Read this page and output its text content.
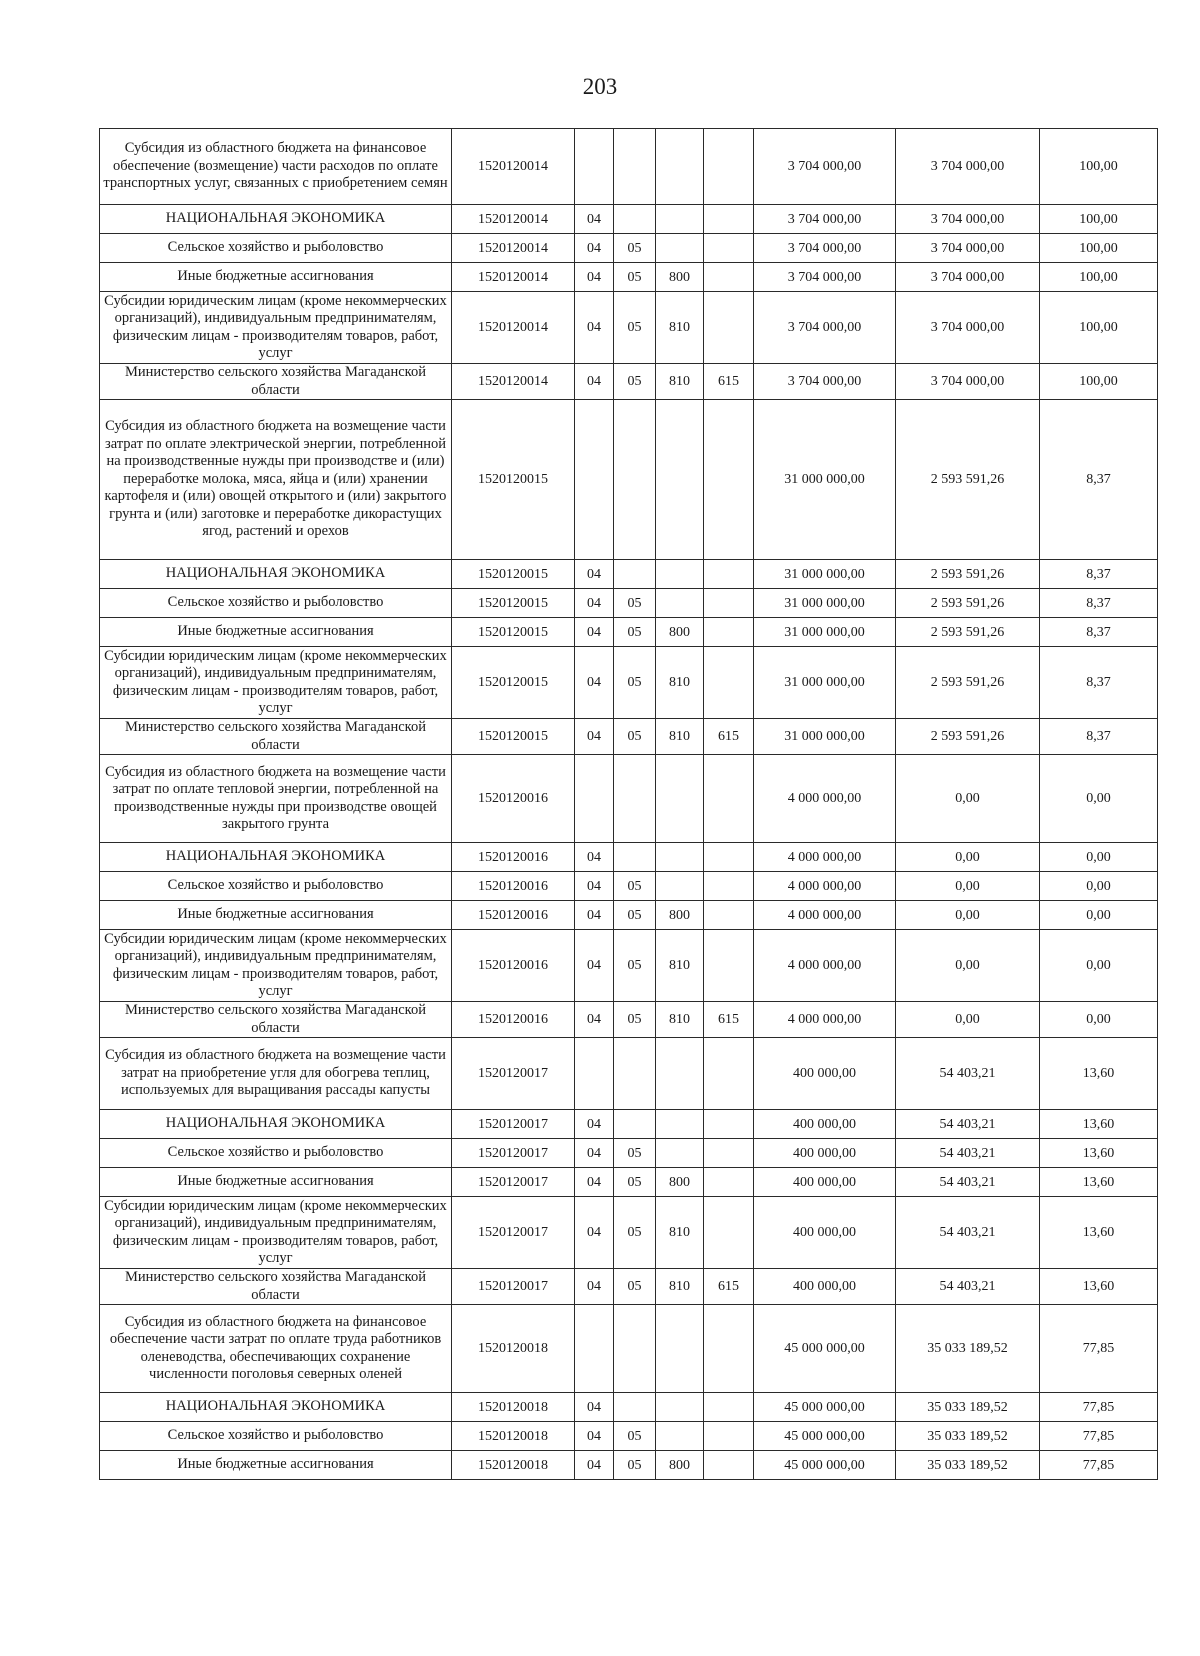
203
Субсидия из областного бюджета на финансовое обеспечение (возмещение) части расходов по оплате транспортных услуг, связанных с приобретением семян	1520120014					3 704 000,00	3 704 000,00	100,00
НАЦИОНАЛЬНАЯ ЭКОНОМИКА	1520120014	04				3 704 000,00	3 704 000,00	100,00
Сельское хозяйство и рыболовство	1520120014	04	05			3 704 000,00	3 704 000,00	100,00
Иные бюджетные ассигнования	1520120014	04	05	800		3 704 000,00	3 704 000,00	100,00
Субсидии юридическим лицам (кроме некоммерческих организаций), индивидуальным предпринимателям, физическим лицам - производителям товаров, работ, услуг	1520120014	04	05	810		3 704 000,00	3 704 000,00	100,00
Министерство сельского хозяйства Магаданской области	1520120014	04	05	810	615	3 704 000,00	3 704 000,00	100,00
Субсидия из областного бюджета на возмещение части затрат по оплате электрической энергии, потребленной на производственные нужды при производстве и (или) переработке молока, мяса, яйца и (или) хранении картофеля и (или) овощей открытого и (или) закрытого грунта и (или) заготовке и переработке дикорастущих ягод, растений и орехов	1520120015					31 000 000,00	2 593 591,26	8,37
НАЦИОНАЛЬНАЯ ЭКОНОМИКА	1520120015	04				31 000 000,00	2 593 591,26	8,37
Сельское хозяйство и рыболовство	1520120015	04	05			31 000 000,00	2 593 591,26	8,37
Иные бюджетные ассигнования	1520120015	04	05	800		31 000 000,00	2 593 591,26	8,37
Субсидии юридическим лицам (кроме некоммерческих организаций), индивидуальным предпринимателям, физическим лицам - производителям товаров, работ, услуг	1520120015	04	05	810		31 000 000,00	2 593 591,26	8,37
Министерство сельского хозяйства Магаданской области	1520120015	04	05	810	615	31 000 000,00	2 593 591,26	8,37
Субсидия из областного бюджета на возмещение части затрат по оплате тепловой энергии, потребленной на производственные нужды при производстве овощей закрытого грунта	1520120016					4 000 000,00	0,00	0,00
НАЦИОНАЛЬНАЯ ЭКОНОМИКА	1520120016	04				4 000 000,00	0,00	0,00
Сельское хозяйство и рыболовство	1520120016	04	05			4 000 000,00	0,00	0,00
Иные бюджетные ассигнования	1520120016	04	05	800		4 000 000,00	0,00	0,00
Субсидии юридическим лицам (кроме некоммерческих организаций), индивидуальным предпринимателям, физическим лицам - производителям товаров, работ, услуг	1520120016	04	05	810		4 000 000,00	0,00	0,00
Министерство сельского хозяйства Магаданской области	1520120016	04	05	810	615	4 000 000,00	0,00	0,00
Субсидия из областного бюджета на возмещение части затрат на приобретение угля для обогрева теплиц, используемых для выращивания рассады капусты	1520120017					400 000,00	54 403,21	13,60
НАЦИОНАЛЬНАЯ ЭКОНОМИКА	1520120017	04				400 000,00	54 403,21	13,60
Сельское хозяйство и рыболовство	1520120017	04	05			400 000,00	54 403,21	13,60
Иные бюджетные ассигнования	1520120017	04	05	800		400 000,00	54 403,21	13,60
Субсидии юридическим лицам (кроме некоммерческих организаций), индивидуальным предпринимателям, физическим лицам - производителям товаров, работ, услуг	1520120017	04	05	810		400 000,00	54 403,21	13,60
Министерство сельского хозяйства Магаданской области	1520120017	04	05	810	615	400 000,00	54 403,21	13,60
Субсидия из областного бюджета на финансовое обеспечение части затрат по оплате труда работников оленеводства, обеспечивающих сохранение численности поголовья северных оленей	1520120018					45 000 000,00	35 033 189,52	77,85
НАЦИОНАЛЬНАЯ ЭКОНОМИКА	1520120018	04				45 000 000,00	35 033 189,52	77,85
Сельское хозяйство и рыболовство	1520120018	04	05			45 000 000,00	35 033 189,52	77,85
Иные бюджетные ассигнования	1520120018	04	05	800		45 000 000,00	35 033 189,52	77,85
